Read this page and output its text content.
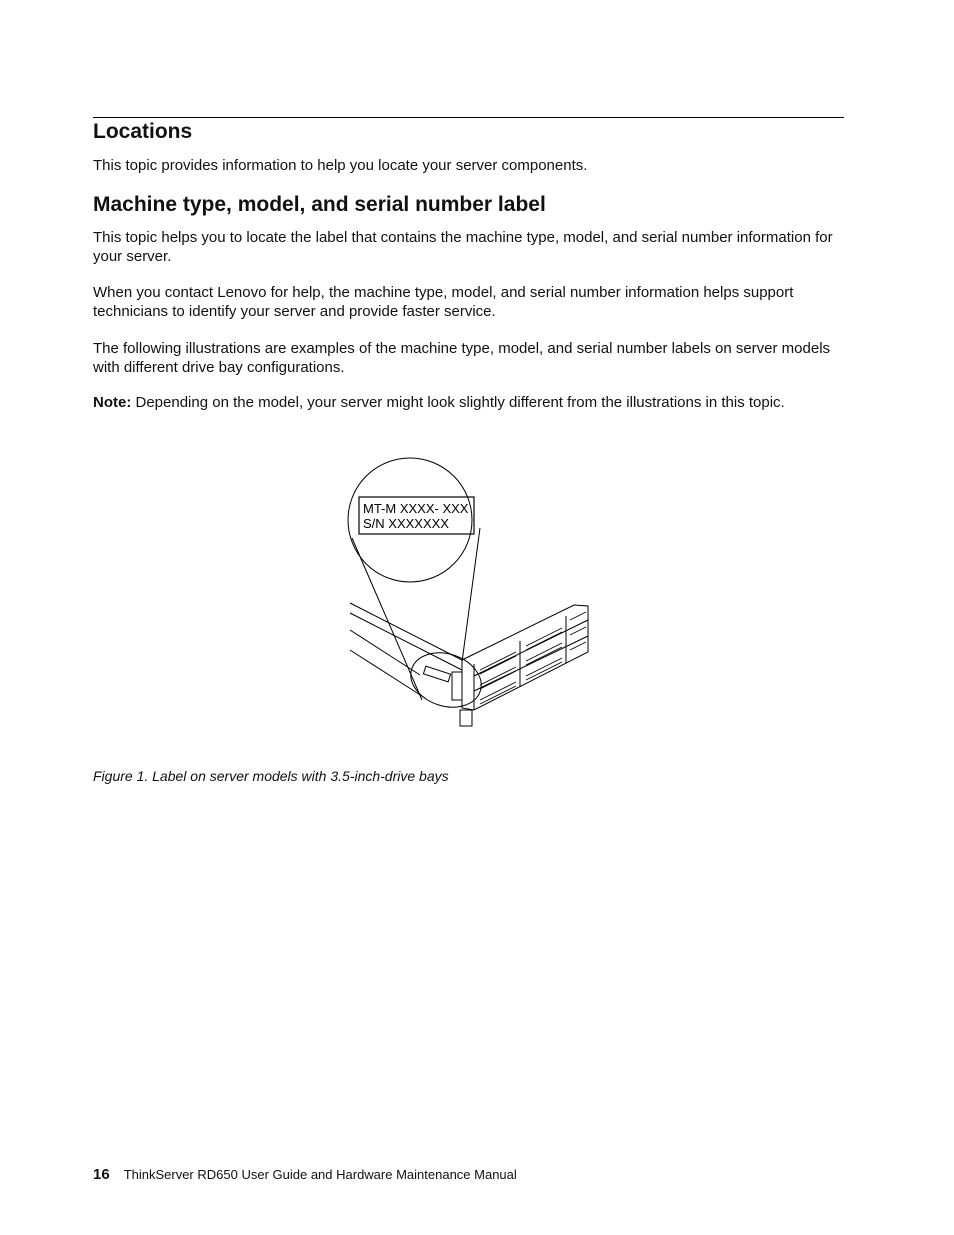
Locations

This topic provides information to help you locate your server components.

Machine type, model, and serial number label

This topic helps you to locate the label that contains the machine type, model, and serial number information for your server.

When you contact Lenovo for help, the machine type, model, and serial number information helps support technicians to identify your server and provide faster service.

The following illustrations are examples of the machine type, model, and serial number labels on server models with different drive bay configurations.

Note: Depending on the model, your server might look slightly different from the illustrations in this topic.

MT-M XXXX- XXX
S/N XXXXXXX

Figure 1. Label on server models with 3.5-inch-drive bays

16 ThinkServer RD650 User Guide and Hardware Maintenance Manual
